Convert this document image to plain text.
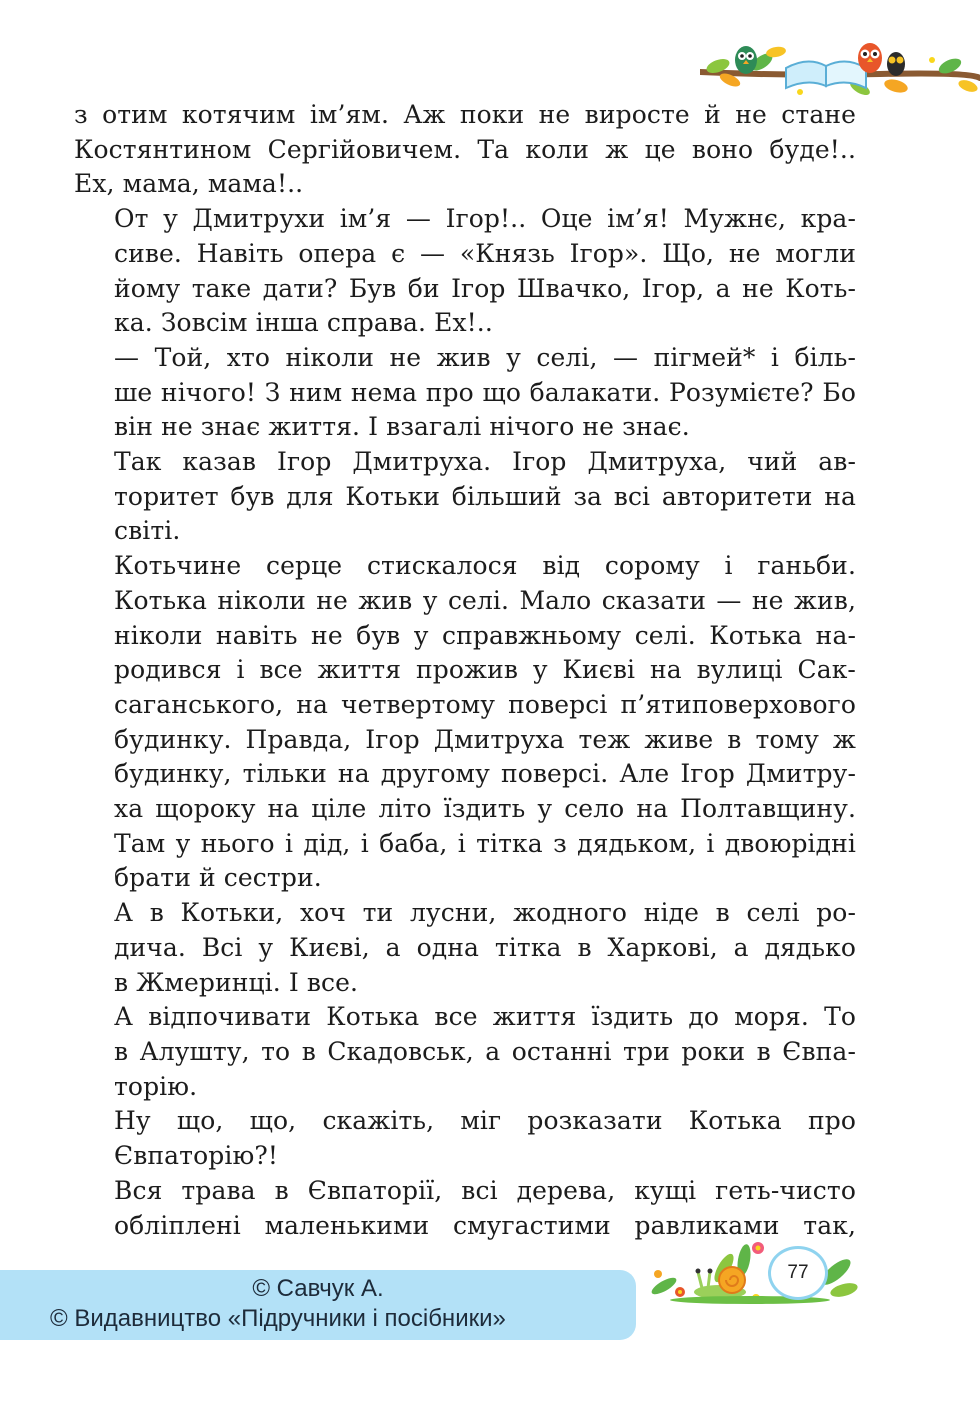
з отим котячим ім’ям. Аж поки не виросте й не стане
Костянтином Сергійовичем. Та коли ж це воно буде!..
Ех, мама, мама!..
От у Дмитрухи ім’я — Ігор!.. Оце ім’я! Мужнє, кра-
сиве. Навіть опера є — «Князь Ігор». Що, не могли
йому таке дати? Був би Ігор Швачко, Ігор, а не Коть-
ка. Зовсім інша справа. Ех!..
— Той, хто ніколи не жив у селі, — пігмей* і біль-
ше нічого! З ним нема про що балакати. Розумієте? Бо
він не знає життя. І взагалі нічого не знає.
Так казав Ігор Дмитруха. Ігор Дмитруха, чий ав-
торитет був для Котьки більший за всі авторитети на
світі.
Котьчине серце стискалося від сорому і ганьби.
Котька ніколи не жив у селі. Мало сказати — не жив,
ніколи навіть не був у справжньому селі. Котька на-
родився і все життя прожив у Києві на вулиці Сак-
саганського, на четвертому поверсі п’ятиповерхового
будинку. Правда, Ігор Дмитруха теж живе в тому ж
будинку, тільки на другому поверсі. Але Ігор Дмитру-
ха щороку на ціле літо їздить у село на Полтавщину.
Там у нього і дід, і баба, і тітка з дядьком, і двоюрідні
брати й сестри.
А в Котьки, хоч ти лусни, жодного ніде в селі ро-
дича. Всі у Києві, а одна тітка в Харкові, а дядько
в Жмеринці. І все.
А відпочивати Котька все життя їздить до моря. То
в Алушту, то в Скадовськ, а останні три роки в Євпа-
торію.
Ну що, що, скажіть, міг розказати Котька про
Євпаторію?!
Вся трава в Євпаторії, всі дерева, кущі геть-чисто
обліплені маленькими смугастими равликами так,
© Савчук А.
© Видавництво «Підручники і посібники»
77
